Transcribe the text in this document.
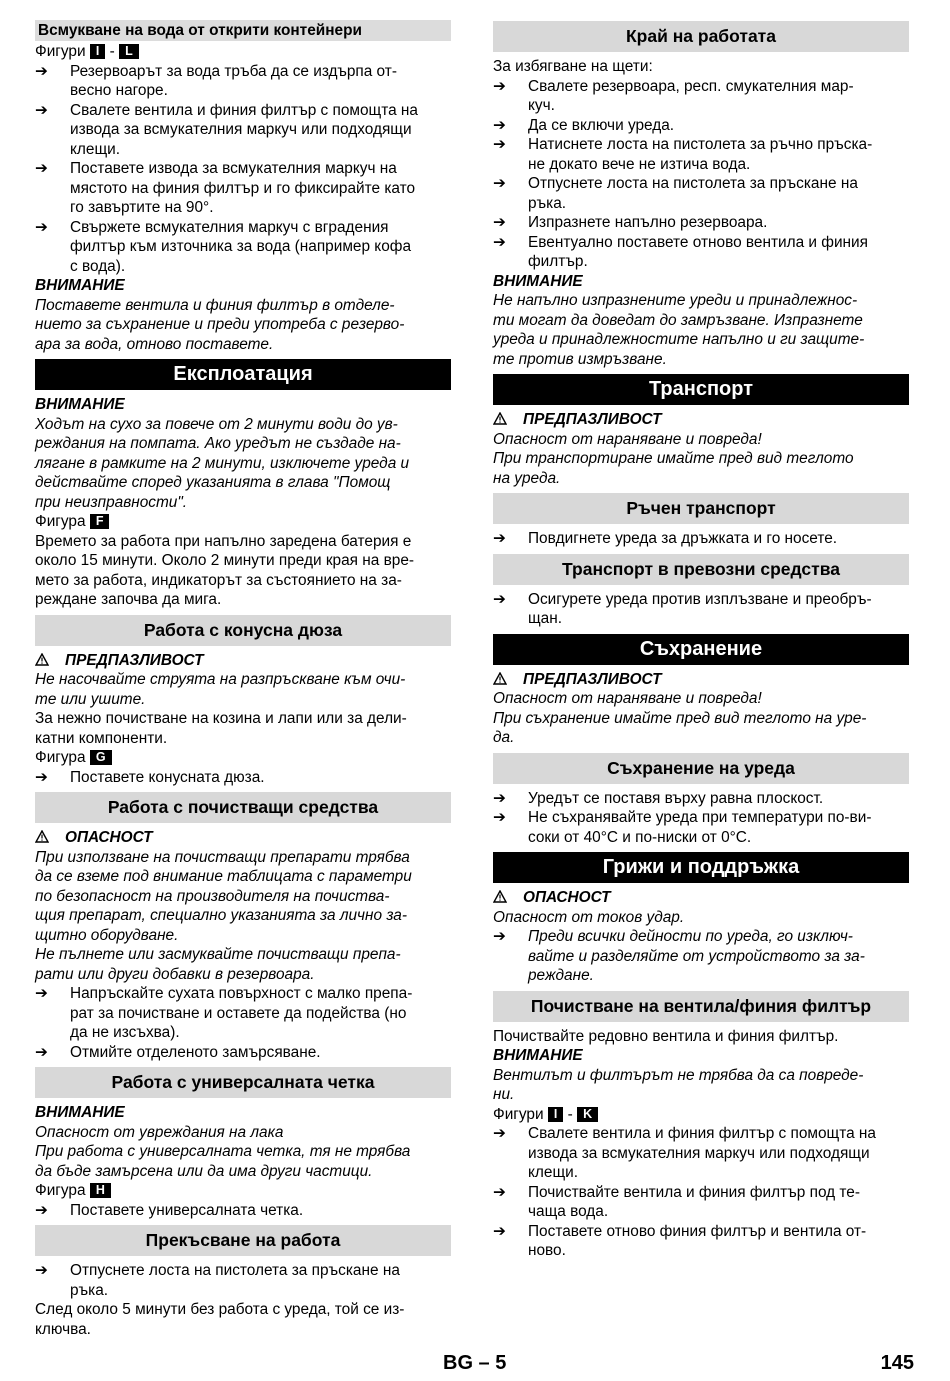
Всмукване на вода от открити контейнери
Фигури I - L
➔ Резервоарът за вода тръба да се издърпа от-
весно нагоре.
➔ Свалете вентила и финия филтър с помощта на
извода за всмукателния маркуч или подходящи
клещи.
➔ Поставете извода за всмукателния маркуч на
мястото на финия филтър и го фиксирайте като
го завъртите на 90°.
➔ Свържете всмукателния маркуч с вградения
филтър към източника за вода (например кофа
с вода).
ВНИМАНИЕ
Поставете вентила и финия филтър в отделе-
нието за съхранение и преди употреба с резерво-
ара за вода, отново поставете.
Експлоатация
ВНИМАНИЕ
Ходът на сухо за повече от 2 минути води до ув-
реждания на помпата. Ако уредът не създаде на-
лягане в рамките на 2 минути, изключете уреда и
действайте според указанията в глава "Помощ
при неизправности".
Фигура F
Времето за работа при напълно заредена батерия е
около 15 минути. Около 2 минути преди края на вре-
мето за работа, индикаторът за състоянието на за-
реждане започва да мига.
Работа с конусна дюза
ПРЕДПАЗЛИВОСТ
Не насочвайте струята на разпръскване към очи-
те или ушите.
За нежно почистване на козина и лапи или за дели-
катни компоненти.
Фигура G
➔ Поставете конусната дюза.
Работа с почистващи средства
ОПАСНОСТ
При използване на почистващи препарати трябва
да се вземе под внимание таблицата с параметри
по безопасност на производителя на почиства-
щия препарат, специално указанията за лично за-
щитно оборудване.
Не пълнете или засмуквайте почистващи препа-
рати или други добавки в резервоара.
➔ Напръскайте сухата повърхност с малко препа-
рат за почистване и оставете да подейства (но
да не изсъхва).
➔ Отмийте отделеното замърсяване.
Работа с универсалната четка
ВНИМАНИЕ
Опасност от увреждания на лака
При работа с универсалната четка, тя не трябва
да бъде замърсена или да има други частици.
Фигура H
➔ Поставете универсалната четка.
Прекъсване на работа
➔ Отпуснете лоста на пистолета за пръскане на
ръка.
След около 5 минути без работа с уреда, той се из-
ключва.
Край на работата
За избягване на щети:
➔ Свалете резервоара, респ. смукателния мар-
куч.
➔ Да се включи уреда.
➔ Натиснете лоста на пистолета за ръчно пръска-
не докато вече не изтича вода.
➔ Отпуснете лоста на пистолета за пръскане на
ръка.
➔ Изпразнете напълно резервоара.
➔ Евентуално поставете отново вентила и финия
филтър.
ВНИМАНИЕ
Не напълно изпразнените уреди и принадлежнос-
ти могат да доведат до замръзване. Изпразнете
уреда и принадлежностите напълно и ги защите-
те против измръзване.
Транспорт
ПРЕДПАЗЛИВОСТ
Опасност от нараняване и повреда!
При транспортиране имайте пред вид теглото
на уреда.
Ръчен транспорт
➔ Повдигнете уреда за дръжката и го носете.
Транспорт в превозни средства
➔ Осигурете уреда против изплъзване и преобръ-
щан.
Съхранение
ПРЕДПАЗЛИВОСТ
Опасност от нараняване и повреда!
При съхранение имайте пред вид теглото на уре-
да.
Съхранение на уреда
➔ Уредът се поставя върху равна плоскост.
➔ Не съхранявайте уреда при температури по-ви-
соки от 40°C и по-ниски от 0°C.
Грижи и поддръжка
ОПАСНОСТ
Опасност от токов удар.
➔ Преди всички дейности по уреда, го изключ-
вайте и разделяйте от устройството за за-
реждане.
Почистване на вентила/финия филтър
Почиствайте редовно вентила и финия филтър.
ВНИМАНИЕ
Вентилът и филтърът не трябва да са повреде-
ни.
Фигури I - K
➔ Свалете вентила и финия филтър с помощта на
извода за всмукателния маркуч или подходящи
клещи.
➔ Почиствайте вентила и финия филтър под те-
чаща вода.
➔ Поставете отново финия филтър и вентила от-
ново.
BG – 5	145
